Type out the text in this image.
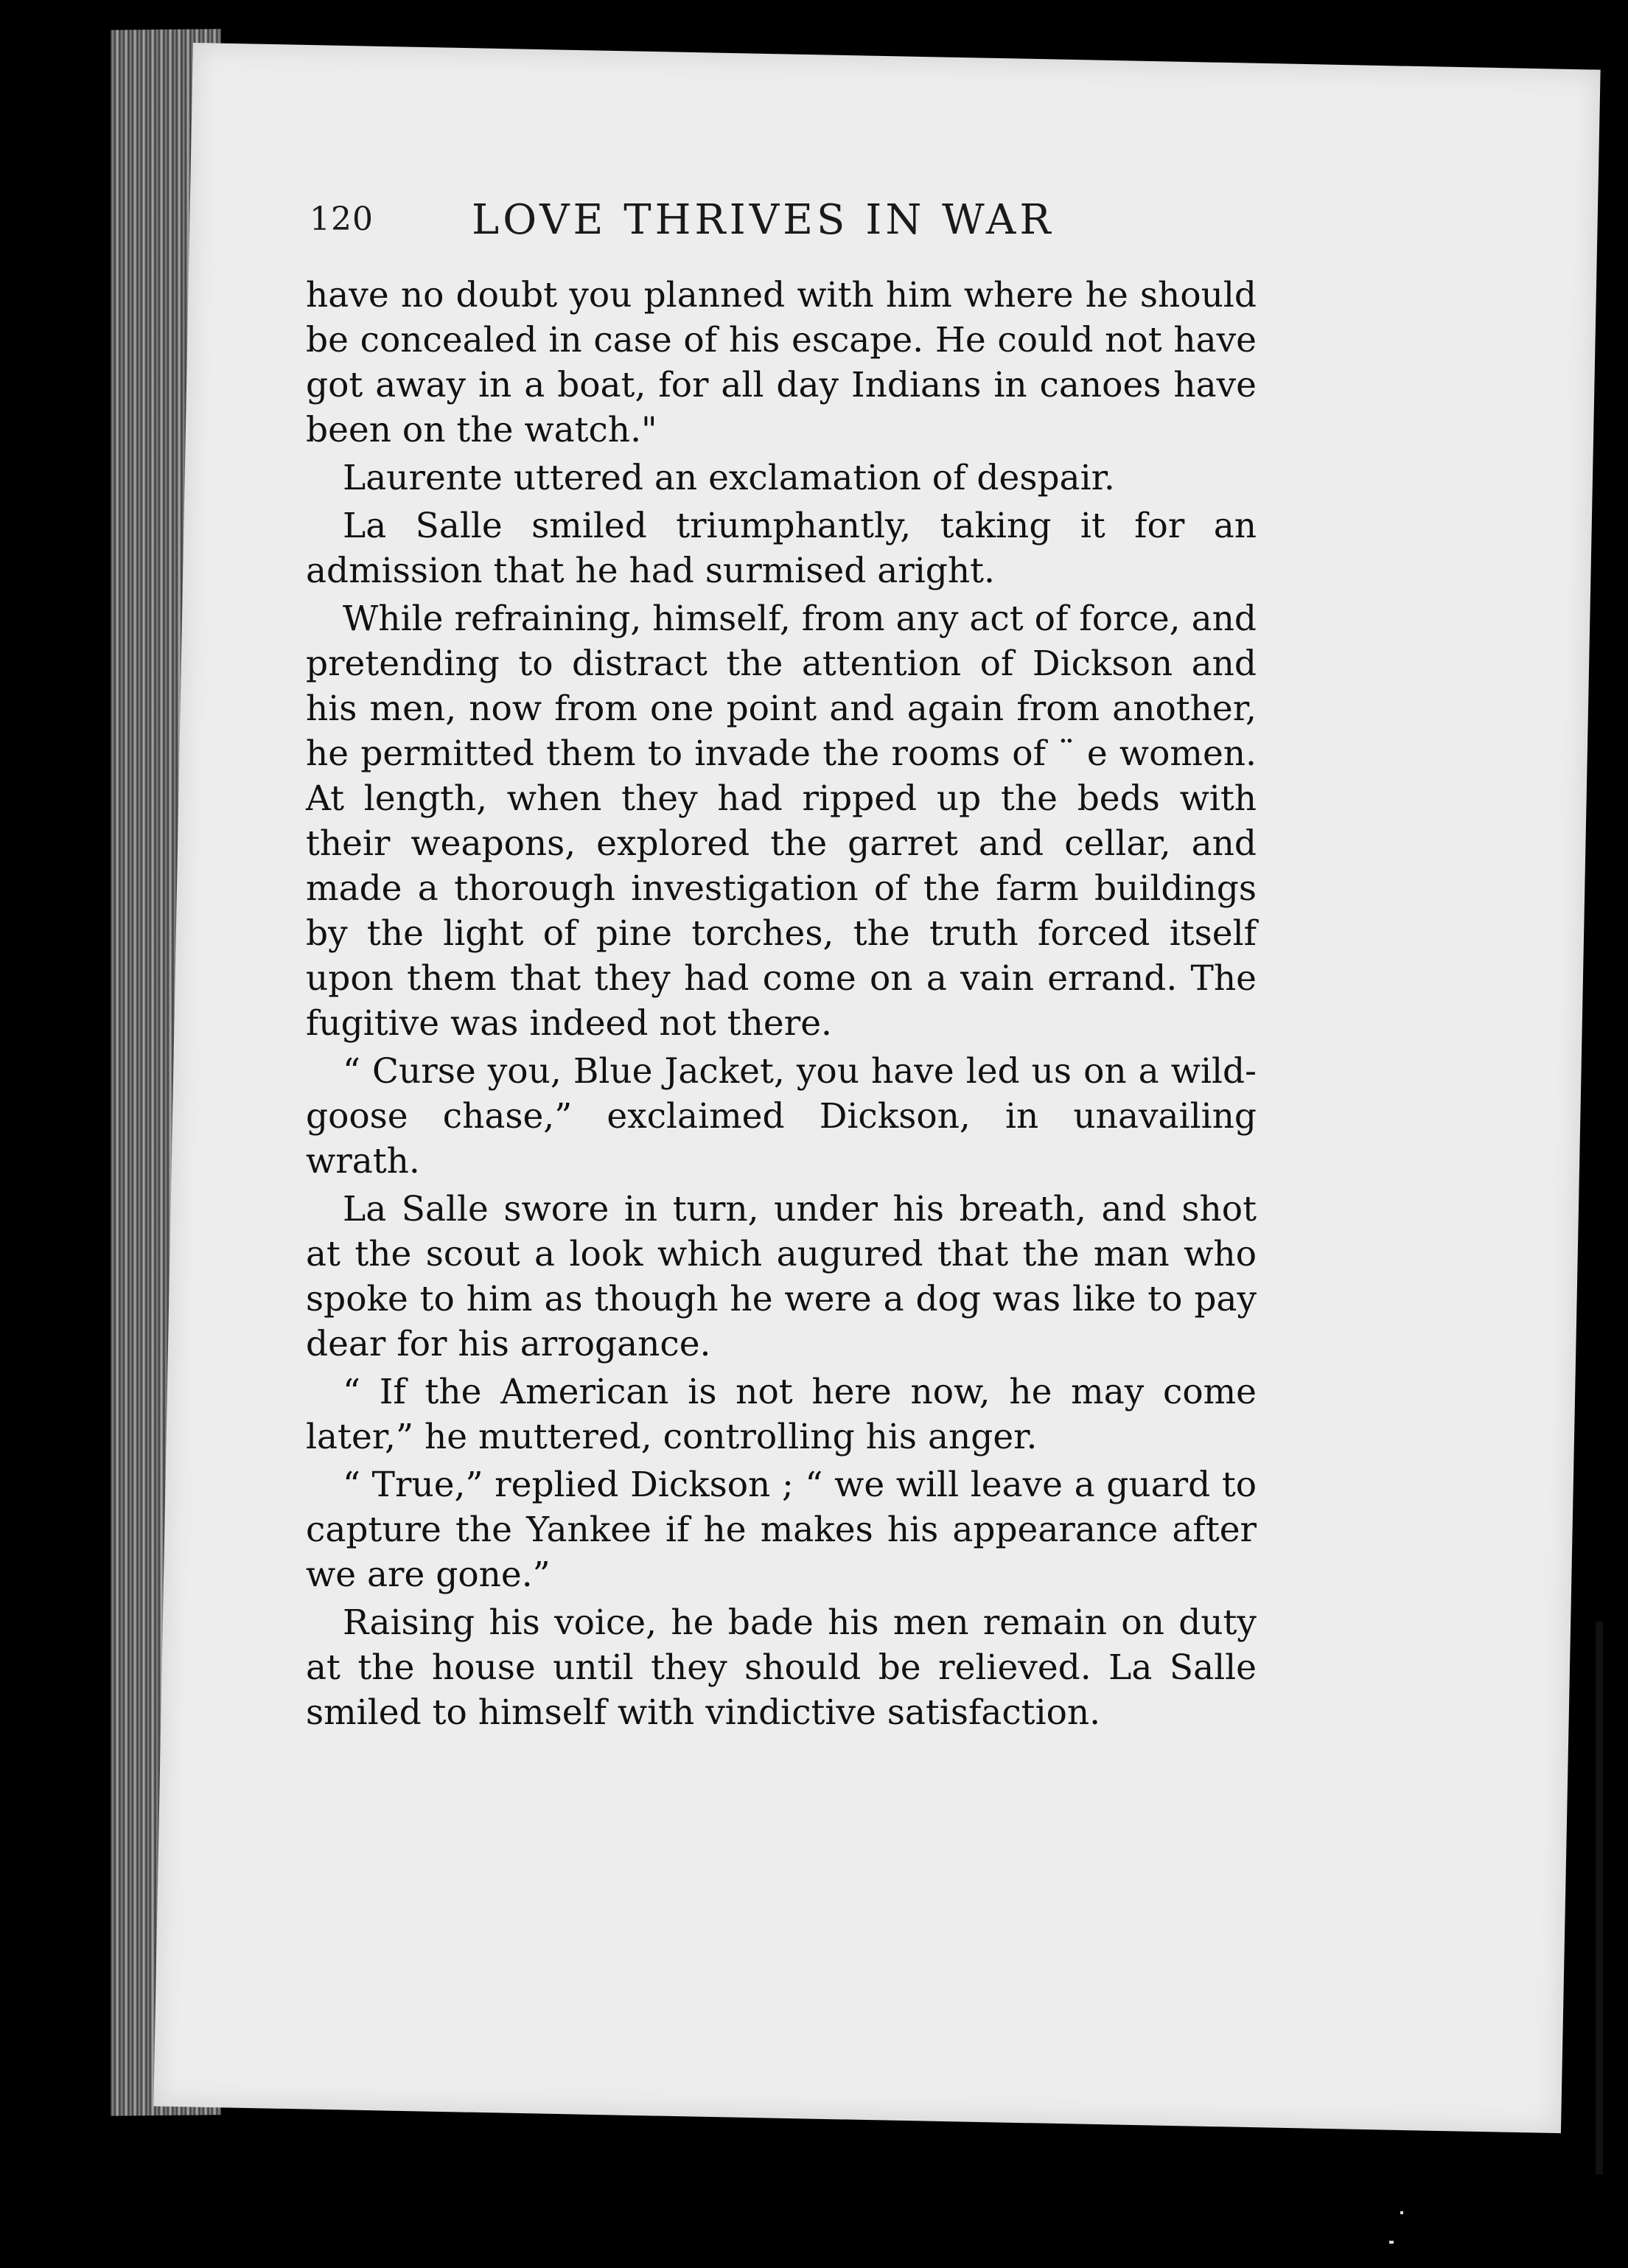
120 LOVE THRIVES IN WAR

have no doubt you planned with him where he should be concealed in case of his escape. He could not have got away in a boat, for all day Indians in canoes have been on the watch."

Laurente uttered an exclamation of despair.

La Salle smiled triumphantly, taking it for an admission that he had surmised aright.

While refraining, himself, from any act of force, and pretending to distract the attention of Dickson and his men, now from one point and again from another, he permitted them to invade the rooms of ¨ e women. At length, when they had ripped up the beds with their weapons, explored the garret and cellar, and made a thorough investigation of the farm buildings by the light of pine torches, the truth forced itself upon them that they had come on a vain errand. The fugitive was indeed not there.

“ Curse you, Blue Jacket, you have led us on a wild-goose chase,” exclaimed Dickson, in unavailing wrath.

La Salle swore in turn, under his breath, and shot at the scout a look which augured that the man who spoke to him as though he were a dog was like to pay dear for his arrogance.

“ If the American is not here now, he may come later,” he muttered, controlling his anger.

“ True,” replied Dickson ; “ we will leave a guard to capture the Yankee if he makes his appearance after we are gone.”

Raising his voice, he bade his men remain on duty at the house until they should be relieved. La Salle smiled to himself with vindictive satisfaction.
